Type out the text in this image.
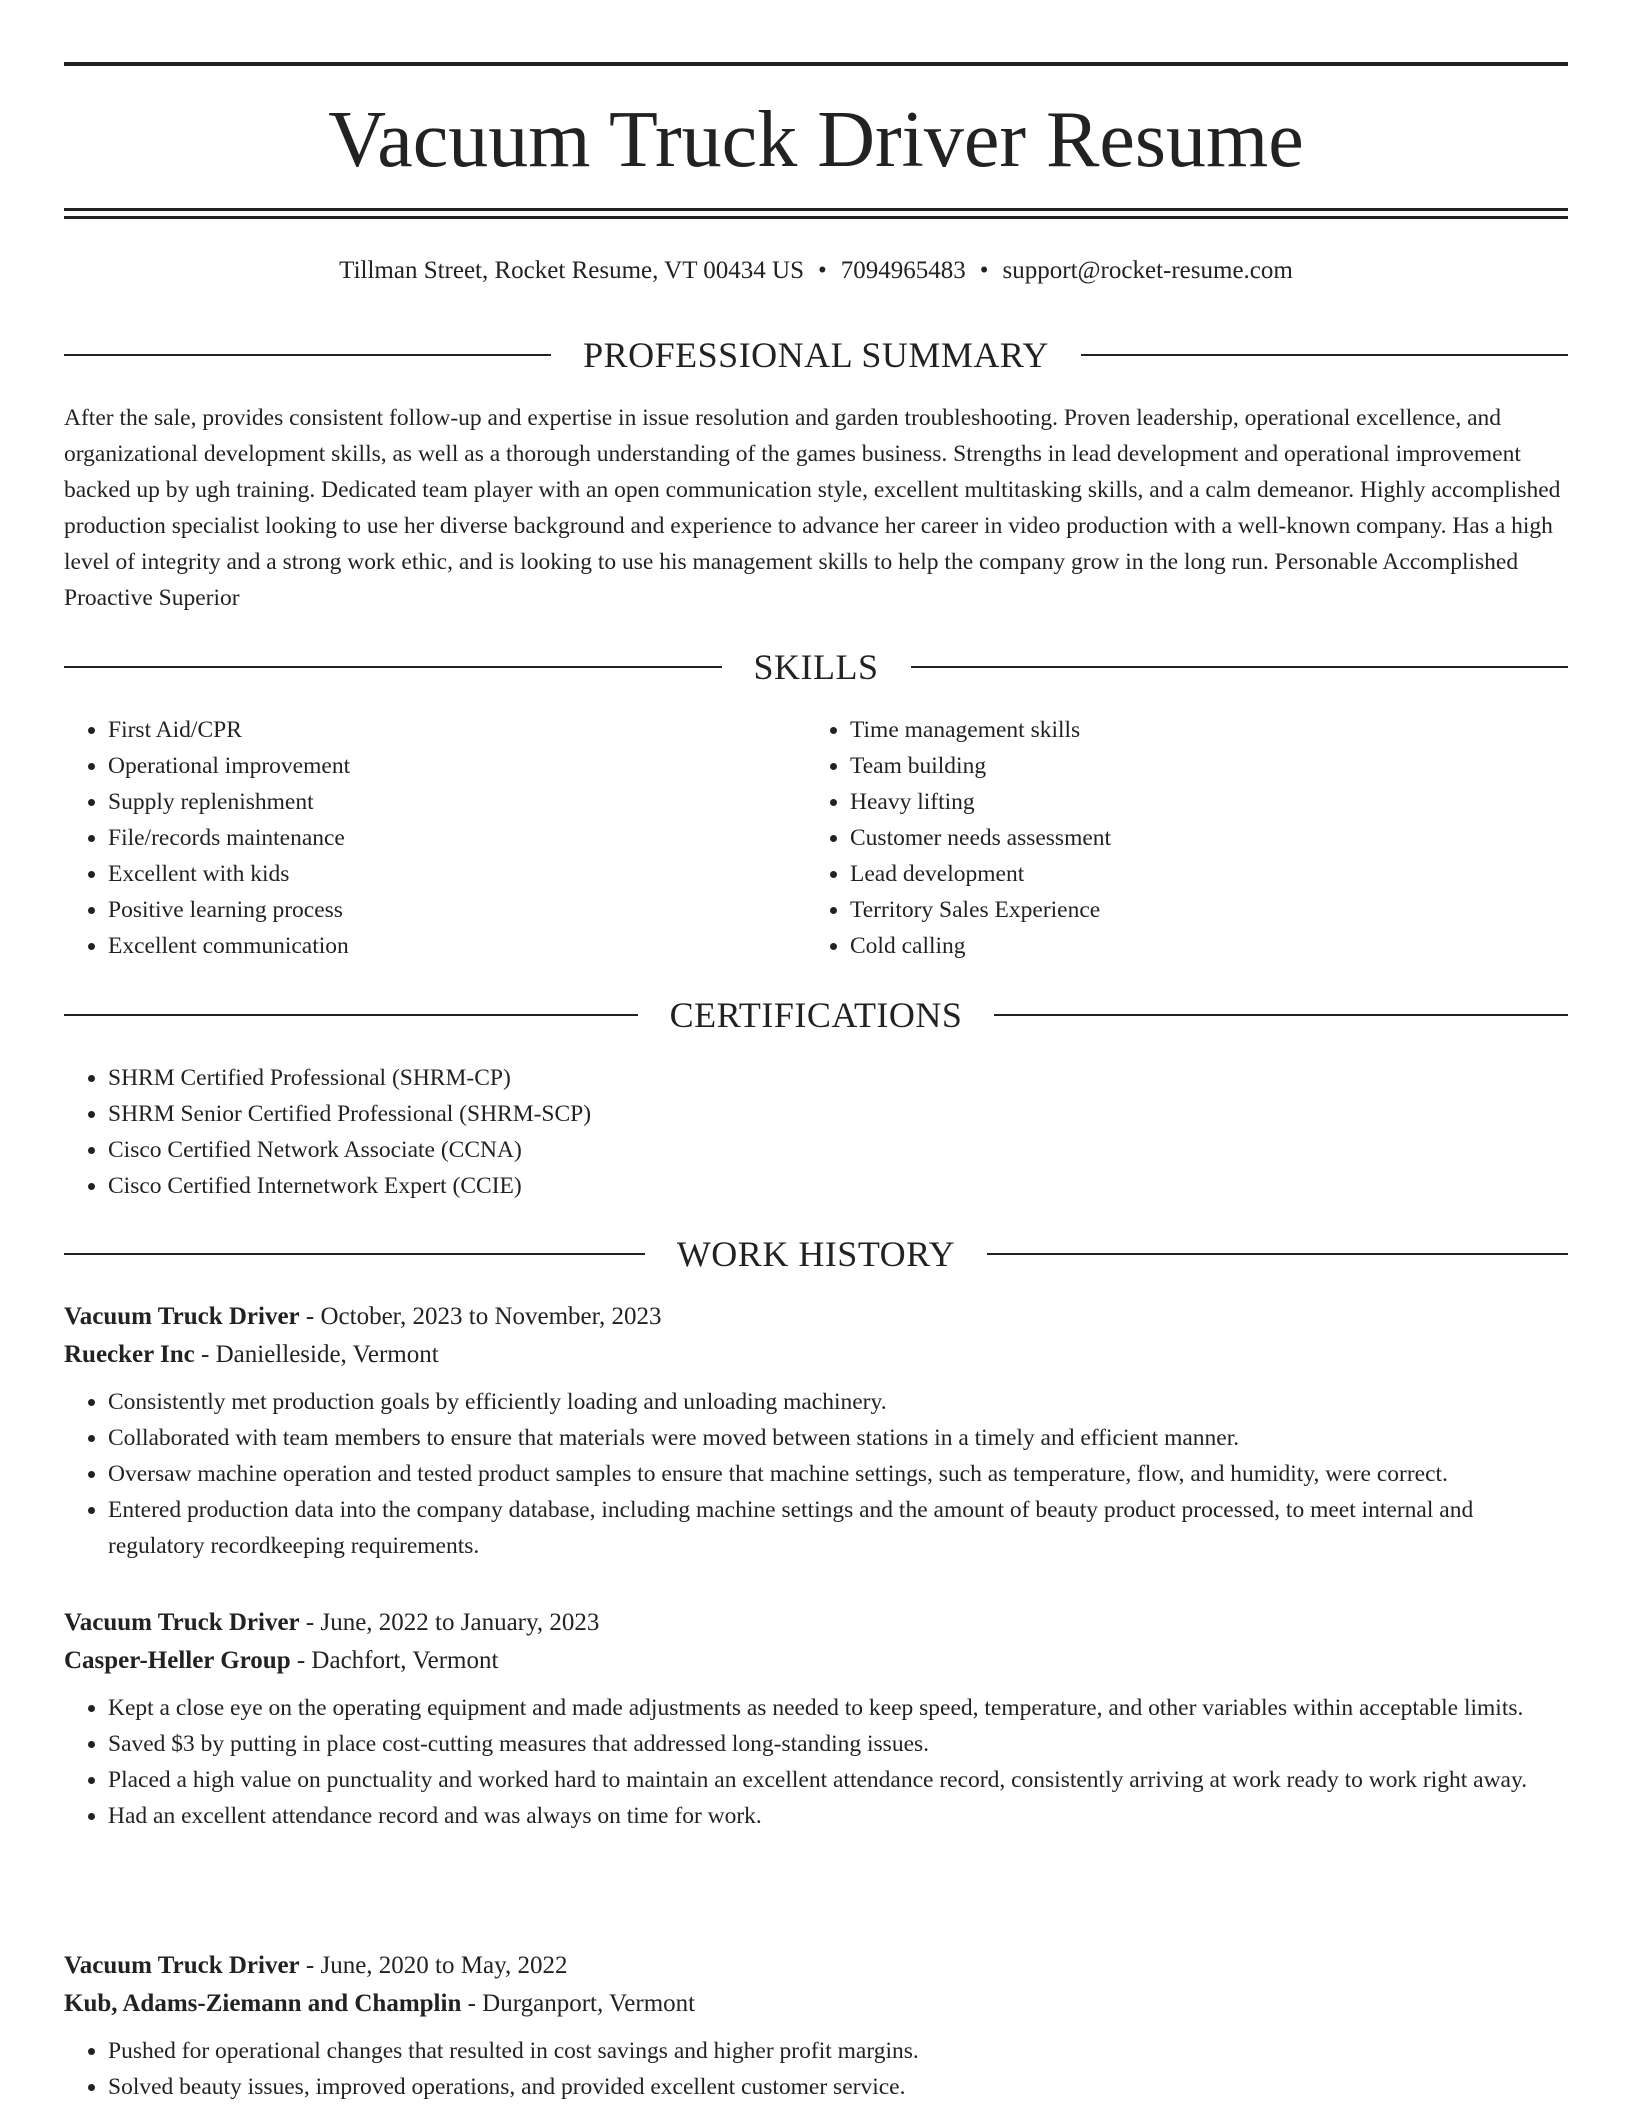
Vacuum Truck Driver Resume
Tillman Street, Rocket Resume, VT 00434 US • 7094965483 • support@rocket-resume.com
PROFESSIONAL SUMMARY

After the sale, provides consistent follow-up and expertise in issue resolution and garden troubleshooting. Proven leadership, operational excellence, and organizational development skills, as well as a thorough understanding of the games business. Strengths in lead development and operational improvement backed up by ugh training. Dedicated team player with an open communication style, excellent multitasking skills, and a calm demeanor. Highly accomplished production specialist looking to use her diverse background and experience to advance her career in video production with a well-known company. Has a high level of integrity and a strong work ethic, and is looking to use his management skills to help the company grow in the long run. Personable Accomplished Proactive Superior

SKILLS
• First Aid/CPR
• Operational improvement
• Supply replenishment
• File/records maintenance
• Excellent with kids
• Positive learning process
• Excellent communication
• Time management skills
• Team building
• Heavy lifting
• Customer needs assessment
• Lead development
• Territory Sales Experience
• Cold calling
CERTIFICATIONS
• SHRM Certified Professional (SHRM-CP)
• SHRM Senior Certified Professional (SHRM-SCP)
• Cisco Certified Network Associate (CCNA)
• Cisco Certified Internetwork Expert (CCIE)
WORK HISTORY
Vacuum Truck Driver - October, 2023 to November, 2023
Ruecker Inc - Danielleside, Vermont
• Consistently met production goals by efficiently loading and unloading machinery.
• Collaborated with team members to ensure that materials were moved between stations in a timely and efficient manner.
• Oversaw machine operation and tested product samples to ensure that machine settings, such as temperature, flow, and humidity, were correct.
• Entered production data into the company database, including machine settings and the amount of beauty product processed, to meet internal and regulatory recordkeeping requirements.
Vacuum Truck Driver - June, 2022 to January, 2023
Casper-Heller Group - Dachfort, Vermont
• Kept a close eye on the operating equipment and made adjustments as needed to keep speed, temperature, and other variables within acceptable limits.
• Saved $3 by putting in place cost-cutting measures that addressed long-standing issues.
• Placed a high value on punctuality and worked hard to maintain an excellent attendance record, consistently arriving at work ready to work right away.
• Had an excellent attendance record and was always on time for work.
Vacuum Truck Driver - June, 2020 to May, 2022
Kub, Adams-Ziemann and Champlin - Durganport, Vermont
• Pushed for operational changes that resulted in cost savings and higher profit margins.
• Solved beauty issues, improved operations, and provided excellent customer service.
